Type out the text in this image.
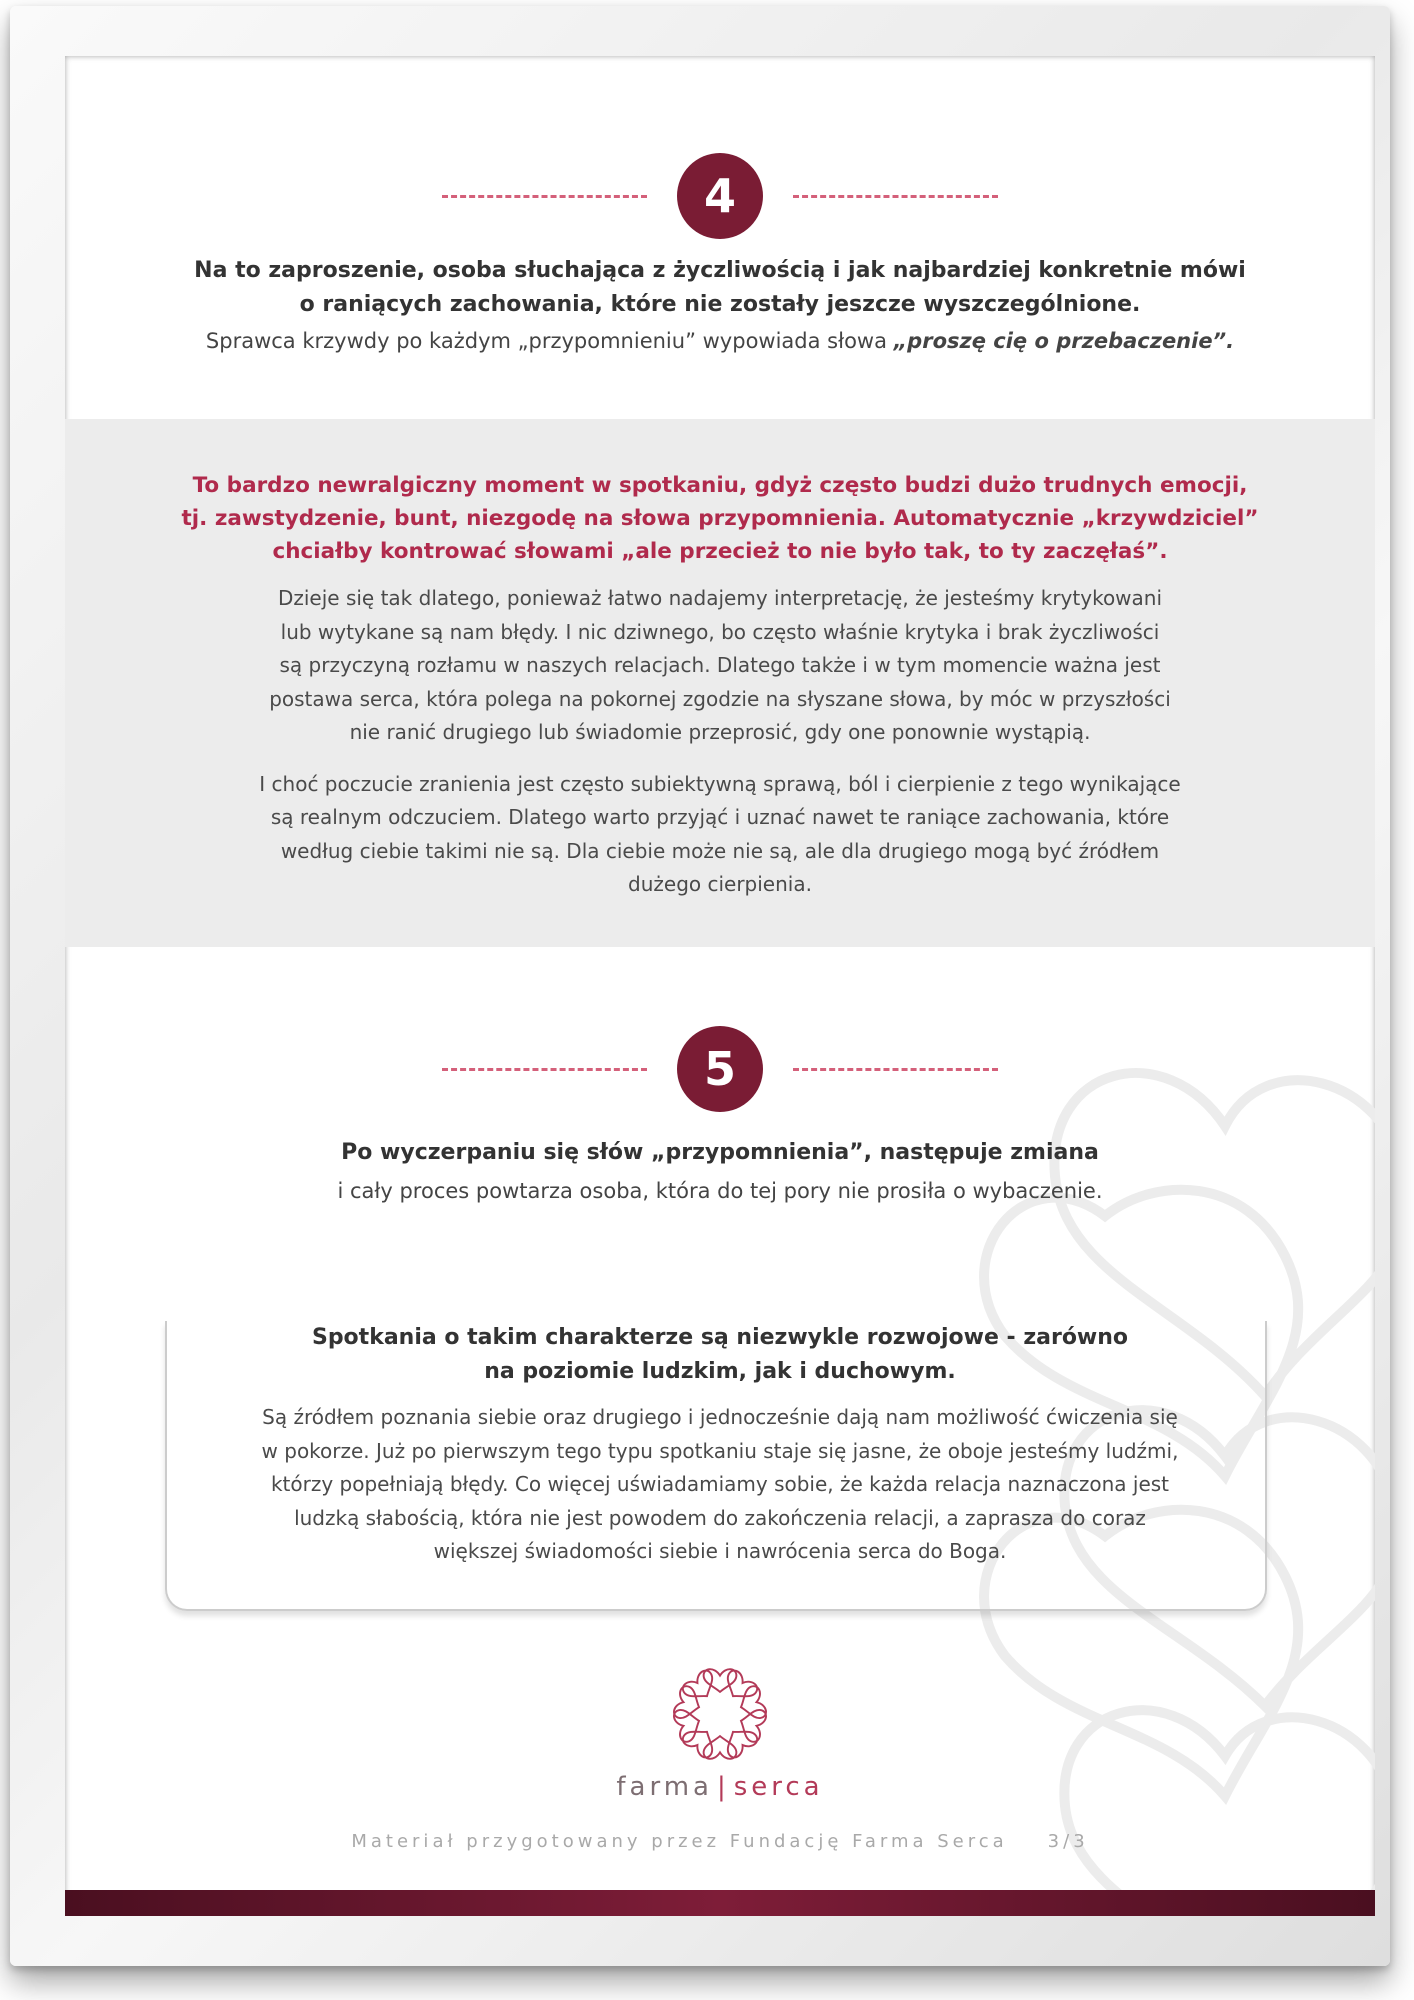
4

Na to zaproszenie, osoba słuchająca z życzliwością i jak najbardziej konkretnie mówi

o raniących zachowania, które nie zostały jeszcze wyszczególnione.

Sprawca krzywdy po każdym „przypomnieniu” wypowiada słowa „proszę cię o przebaczenie”.

To bardzo newralgiczny moment w spotkaniu, gdyż często budzi dużo trudnych emocji,

tj. zawstydzenie, bunt, niezgodę na słowa przypomnienia. Automatycznie „krzywdziciel”

chciałby kontrować słowami „ale przecież to nie było tak, to ty zaczęłaś”.

Dzieje się tak dlatego, ponieważ łatwo nadajemy interpretację, że jesteśmy krytykowani

lub wytykane są nam błędy. I nic dziwnego, bo często właśnie krytyka i brak życzliwości

są przyczyną rozłamu w naszych relacjach. Dlatego także i w tym momencie ważna jest

postawa serca, która polega na pokornej zgodzie na słyszane słowa, by móc w przyszłości

nie ranić drugiego lub świadomie przeprosić, gdy one ponownie wystąpią.

I choć poczucie zranienia jest często subiektywną sprawą, ból i cierpienie z tego wynikające

są realnym odczuciem. Dlatego warto przyjąć i uznać nawet te raniące zachowania, które

według ciebie takimi nie są. Dla ciebie może nie są, ale dla drugiego mogą być źródłem

dużego cierpienia.

5

Po wyczerpaniu się słów „przypomnienia”, następuje zmiana

i cały proces powtarza osoba, która do tej pory nie prosiła o wybaczenie.

Spotkania o takim charakterze są niezwykle rozwojowe - zarówno

na poziomie ludzkim, jak i duchowym.

Są źródłem poznania siebie oraz drugiego i jednocześnie dają nam możliwość ćwiczenia się

w pokorze. Już po pierwszym tego typu spotkaniu staje się jasne, że oboje jesteśmy ludźmi,

którzy popełniają błędy. Co więcej uświadamiamy sobie, że każda relacja naznaczona jest

ludzką słabością, która nie jest powodem do zakończenia relacji, a zaprasza do coraz

większej świadomości siebie i nawrócenia serca do Boga.

farma | serca
Materiał przygotowany przez Fundację Farma Serca 3/3
